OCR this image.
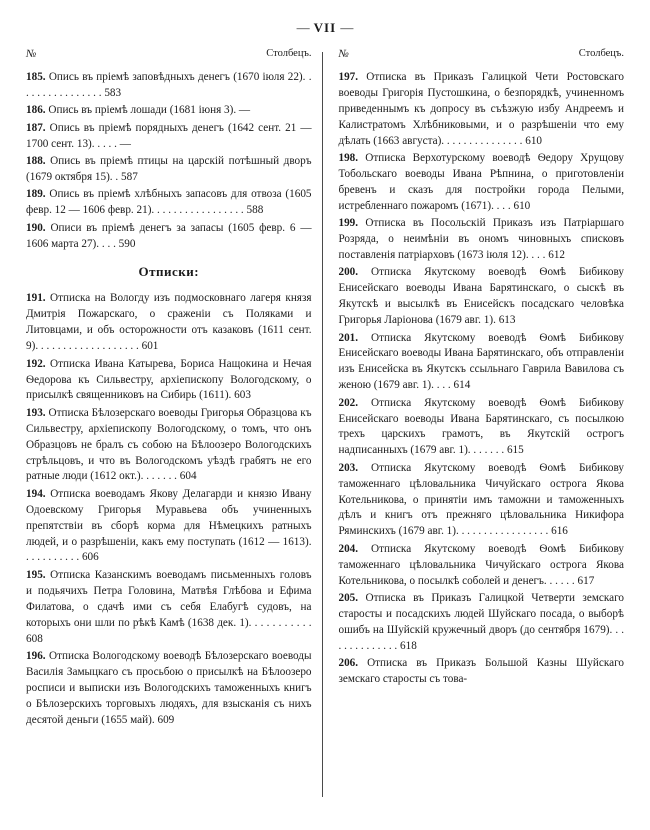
— VII —
№	Столбецъ.
185. Опись въ пріемѣ заповѣдныхъ денегъ (1670 іюля 22). . . . . . . . . . . . . . . . 583
186. Опись въ пріемѣ лошади (1681 іюня 3). —
187. Опись въ пріемѣ порядныхъ денегъ (1642 сент. 21 — 1700 сент. 13). . . . . —
188. Опись въ пріемѣ птицы на царскій потѣшный дворъ (1679 октября 15). . 587
189. Опись въ пріемѣ хлѣбныхъ запасовъ для отвоза (1605 февр. 12 — 1606 февр. 21). . . . . . . . . . . . . . . . . 588
190. Описи въ пріемѣ денегъ за запасы (1605 февр. 6 — 1606 марта 27). . . . 590
Отписки:
191. Отписка на Вологду изъ подмосковнаго лагеря князя Дмитрія Пожарскаго, о сраженіи съ Поляками и Литовцами, и объ осторожности отъ казаковъ (1611 сент. 9). . . . . . . . . . . . . . . . . . . 601
192. Отписка Ивана Катырева, Бориса Нащокина и Нечая Ѳедорова къ Сильвестру, архіепископу Вологодскому, о присылкѣ священниковъ на Сибирь (1611). 603
193. Отписка Бѣлозерскаго воеводы Григорья Образцова къ Сильвестру, архіепископу Вологодскому, о томъ, что онъ Образцовъ не бралъ съ собою на Бѣлоозеро Вологодскихъ стрѣльцовъ, и что въ Вологодскомъ уѣздѣ грабятъ не его ратные люди (1612 окт.). . . . . . . 604
194. Отписка воеводамъ Якову Делагарди и князю Ивану Одоевскому Григорья Муравьева объ учиненныхъ препятствіи въ сборѣ корма для Нѣмецкихъ ратныхъ людей, и о разрѣшеніи, какъ ему поступать (1612 — 1613). . . . . . . . . . . 606
195. Отписка Казанскимъ воеводамъ письменныхъ головъ и подьячихъ Петра Головина, Матвѣя Глѣбова и Ефима Филатова, о сдачѣ ими съ себя Елабугѣ судовъ, на которыхъ они шли по рѣкѣ Камѣ (1638 дек. 1). . . . . . . . . . . 608
196. Отписка Вологодскому воеводѣ Бѣлозерскаго воеводы Василія Замыцкаго съ просьбою о присылкѣ на Бѣлоозеро росписи и выписки изъ Вологодскихъ таможенныхъ книгъ о Бѣлозерскихъ торговыхъ людяхъ, для взысканія съ нихъ десятой деньги (1655 май). 609
№	Столбецъ.
197. Отписка въ Приказъ Галицкой Чети Ростовскаго воеводы Григорія Пустошкина, о безпорядкѣ, учиненномъ приведеннымъ къ допросу въ съѣзжую избу Андреемъ и Калистратомъ Хлѣбниковыми, и о разрѣшеніи что ему дѣлать (1663 августа). . . . . . . . . . . . . . . 610
198. Отписка Верхотурскому воеводѣ Ѳедору Хрущову Тобольскаго воеводы Ивана Рѣпнина, о приготовленіи бревенъ и сказъ для постройки города Пелыми, истребленнаго пожаромъ (1671). . . . 610
199. Отписка въ Посольскій Приказъ изъ Патріаршаго Розряда, о неимѣніи въ ономъ чиновныхъ списковъ поставленія патріарховъ (1673 іюля 12). . . . 612
200. Отписка Якутскому воеводѣ Ѳомѣ Бибикову Енисейскаго воеводы Ивана Барятинскаго, о сыскѣ въ Якутскѣ и высылкѣ въ Енисейскъ посадскаго человѣка Григорья Ларіонова (1679 авг. 1). 613
201. Отписка Якутскому воеводѣ Ѳомѣ Бибикову Енисейскаго воеводы Ивана Барятинскаго, объ отправленіи изъ Енисейска въ Якутскъ ссыльнаго Гаврила Вавилова съ женою (1679 авг. 1). . . . 614
202. Отписка Якутскому воеводѣ Ѳомѣ Бибикову Енисейскаго воеводы Ивана Барятинскаго, съ посылкою трехъ царскихъ грамотъ, въ Якутскій острогъ надписанныхъ (1679 авг. 1). . . . . . . 615
203. Отписка Якутскому воеводѣ Ѳомѣ Бибикову таможеннаго цѣловальника Чичуйскаго острога Якова Котельникова, о принятіи имъ таможни и таможенныхъ дѣлъ и книгъ отъ прежняго цѣловальника Никифора Ряминскихъ (1679 авг. 1). . . . . . . . . . . . . . . . . 616
204. Отписка Якутскому воеводѣ Ѳомѣ Бибикову таможеннаго цѣловальника Чичуйскаго острога Якова Котельникова, о посылкѣ соболей и денегъ. . . . . . 617
205. Отписка въ Приказъ Галицкой Четверти земскаго старосты и посадскихъ людей Шуйскаго посада, о выборѣ ошибъ на Шуйскій кружечный дворъ (до сентября 1679). . . . . . . . . . . . . . 618
206. Отписка въ Приказъ Большой Казны Шуйскаго земскаго старосты съ това-
